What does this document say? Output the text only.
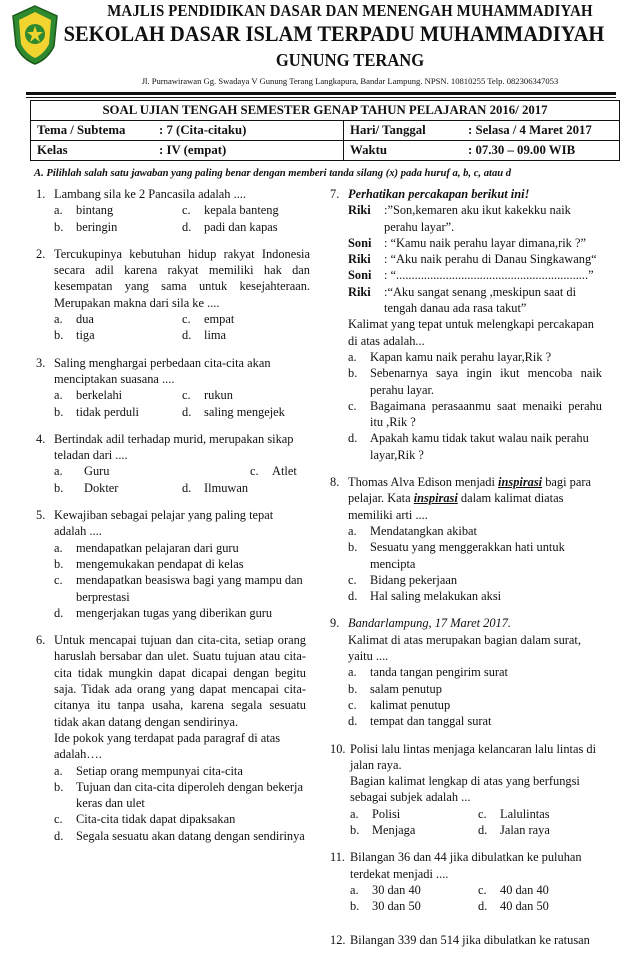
MAJLIS PENDIDIKAN DASAR DAN MENENGAH MUHAMMADIYAH
SEKOLAH DASAR ISLAM TERPADU MUHAMMADIYAH
GUNUNG TERANG
Jl. Purnawirawan Gg. Swadaya V Gunung Terang Langkapura, Bandar Lampung. NPSN. 10810255 Telp. 082306347053
SOAL UJIAN TENGAH SEMESTER GENAP TAHUN PELAJARAN 2016/ 2017			
Tema / Subtema	: 7 (Cita-citaku)	Hari/ Tanggal	: Selasa / 4 Maret 2017
Kelas	: IV (empat)	Waktu	: 07.30 – 09.00 WIB
A. Pilihlah salah satu jawaban yang paling benar dengan memberi tanda silang (x) pada huruf a, b, c, atau d
1. Lambang sila ke 2 Pancasila adalah ....
a.	bintang	c.	kepala banteng
b.	beringin	d.	padi dan kapas
2. Tercukupinya kebutuhan hidup rakyat Indonesia secara adil karena rakyat memiliki hak dan kesempatan yang sama untuk kesejahteraan. Merupakan makna dari sila ke ....
a.	dua	c.	empat
b.	tiga	d.	lima
3. Saling menghargai perbedaan cita-cita akan menciptakan suasana ....
a.	berkelahi	c.	rukun
b.	tidak perduli	d.	saling mengejek
4. Bertindak adil terhadap murid, merupakan sikap teladan dari ....
a.	Guru	c.	Atlet
b.	Dokter	d.	Ilmuwan
5. Kewajiban sebagai pelajar yang paling tepat adalah ....
a.	mendapatkan pelajaran dari guru
b.	mengemukakan pendapat di kelas
c.	mendapatkan beasiswa bagi yang mampu dan berprestasi
d.	mengerjakan tugas yang diberikan guru
6. Untuk mencapai tujuan dan cita-cita, setiap orang haruslah bersabar dan ulet. Suatu tujuan atau cita-cita tidak mungkin dapat dicapai dengan begitu saja. Tidak ada orang yang dapat mencapai cita-citanya itu tanpa usaha, karena segala sesuatu tidak akan datang dengan sendirinya.
Ide pokok yang terdapat pada paragraf di atas adalah….
a.	Setiap orang mempunyai cita-cita
b.	Tujuan dan cita-cita diperoleh dengan bekerja keras dan ulet
c.	Cita-cita tidak dapat dipaksakan
d.	Segala sesuatu akan datang dengan sendirinya
7. Perhatikan percakapan berikut ini!
Riki	:”Son,kemaren aku ikut kakekku naik perahu layar”.
Soni	: “Kamu naik perahu layar dimana,rik ?”
Riki	: “Aku naik perahu di Danau Singkawang“
Soni	: “..............................................................”
Riki	:“Aku sangat senang ,meskipun saat di tengah danau ada rasa takut”
Kalimat yang tepat untuk melengkapi percakapan di atas adalah...
a.	Kapan kamu naik perahu layar,Rik ?
b.	Sebenarnya saya ingin ikut mencoba naik perahu layar.
c.	Bagaimana perasaanmu saat menaiki perahu itu ,Rik ?
d.	Apakah kamu tidak takut walau naik perahu layar,Rik ?
8. Thomas Alva Edison menjadi inspirasi bagi para pelajar. Kata inspirasi dalam kalimat diatas memiliki arti ....
a.	Mendatangkan akibat
b.	Sesuatu yang menggerakkan hati untuk mencipta
c.	Bidang pekerjaan
d.	Hal saling melakukan aksi
9. Bandarlampung, 17 Maret 2017.
Kalimat di atas merupakan bagian dalam surat, yaitu ....
a.	tanda tangan pengirim surat
b.	salam penutup
c.	kalimat penutup
d.	tempat dan tanggal surat
10. Polisi lalu lintas menjaga kelancaran lalu lintas di jalan raya.
Bagian kalimat lengkap di atas yang berfungsi sebagai subjek adalah ...
a.	Polisi	c.	Lalulintas
b.	Menjaga	d.	Jalan raya
11. Bilangan 36 dan 44 jika dibulatkan ke puluhan terdekat menjadi ....
a.	30 dan 40	c.	40 dan 40
b.	30 dan 50	d.	40 dan 50
12. Bilangan 339 dan 514 jika dibulatkan ke ratusan
